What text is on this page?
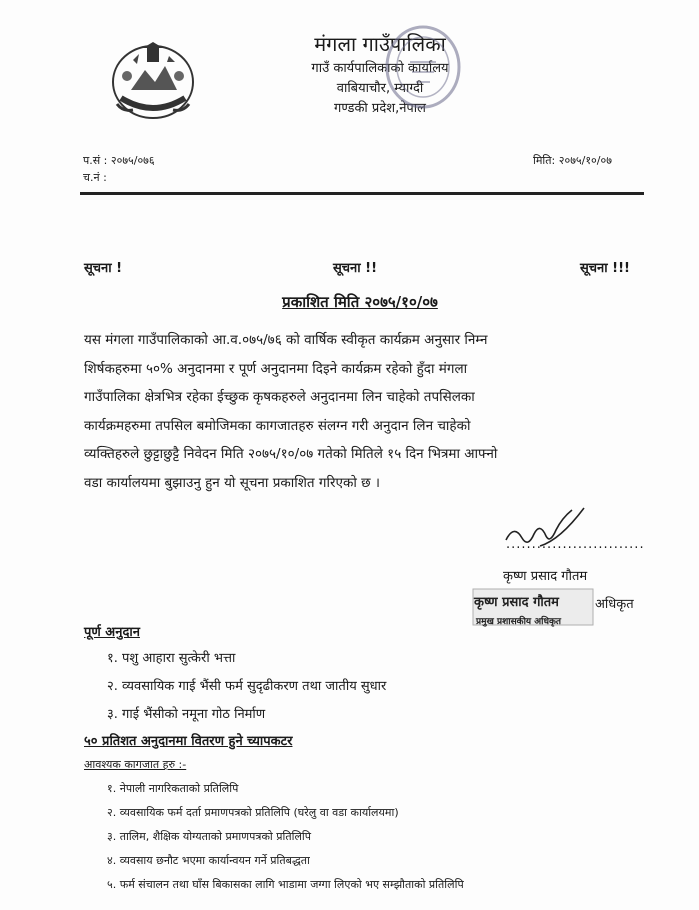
मंगला गाउँपालिका
गाउँ कार्यपालिकाको कार्यालय
वाबियाचौर, म्याग्दी
गण्डकी प्रदेश,नेपाल
प.सं : २०७५/०७६
च.नं :
मिति: २०७५/१०/०७
सूचना !	सूचना !!	सूचना !!!
प्रकाशित मिति २०७५/१०/०७
यस मंगला गाउँपालिकाको आ.व.०७५/७६ को वार्षिक स्वीकृत कार्यक्रम अनुसार निम्न
शिर्षकहरुमा ५०% अनुदानमा र पूर्ण अनुदानमा दिइने कार्यक्रम रहेको हुँदा मंगला
गाउँपालिका क्षेत्रभित्र रहेका ईच्छुक कृषकहरुले अनुदानमा लिन चाहेको तपसिलका
कार्यक्रमहरुमा तपसिल बमोजिमका कागजातहरु संलग्न गरी अनुदान लिन चाहेको
व्यक्तिहरुले छुट्टाछुट्टै निवेदन मिति २०७५/१०/०७ गतेको मितिले १५ दिन भित्रमा आफ्नो
वडा कार्यालयमा बुझाउनु हुन यो सूचना प्रकाशित गरिएको छ ।
...........................
कृष्ण प्रसाद गौतम
अधिकृत
कृष्ण प्रसाद गौतम
प्रमुख प्रशासकीय अधिकृत
पूर्ण अनुदान
१. पशु आहारा सुत्केरी भत्ता
२. व्यवसायिक गाई भैंसी फर्म सुदृढीकरण तथा जातीय सुधार
३. गाई भैंसीको नमूना गोठ निर्माण
५० प्रतिशत अनुदानमा वितरण हुने च्यापकटर
आवश्यक कागजात हरु :-
१. नेपाली नागरिकताको प्रतिलिपि
२. व्यवसायिक फर्म दर्ता प्रमाणपत्रको प्रतिलिपि (घरेलु वा वडा कार्यालयमा)
३. तालिम, शैक्षिक योग्यताको प्रमाणपत्रको प्रतिलिपि
४. व्यवसाय छनौट भएमा कार्यान्वयन गर्ने प्रतिबद्धता
५. फर्म संचालन तथा घाँस बिकासका लागि भाडामा जग्गा लिएको भए सम्झौताको प्रतिलिपि
